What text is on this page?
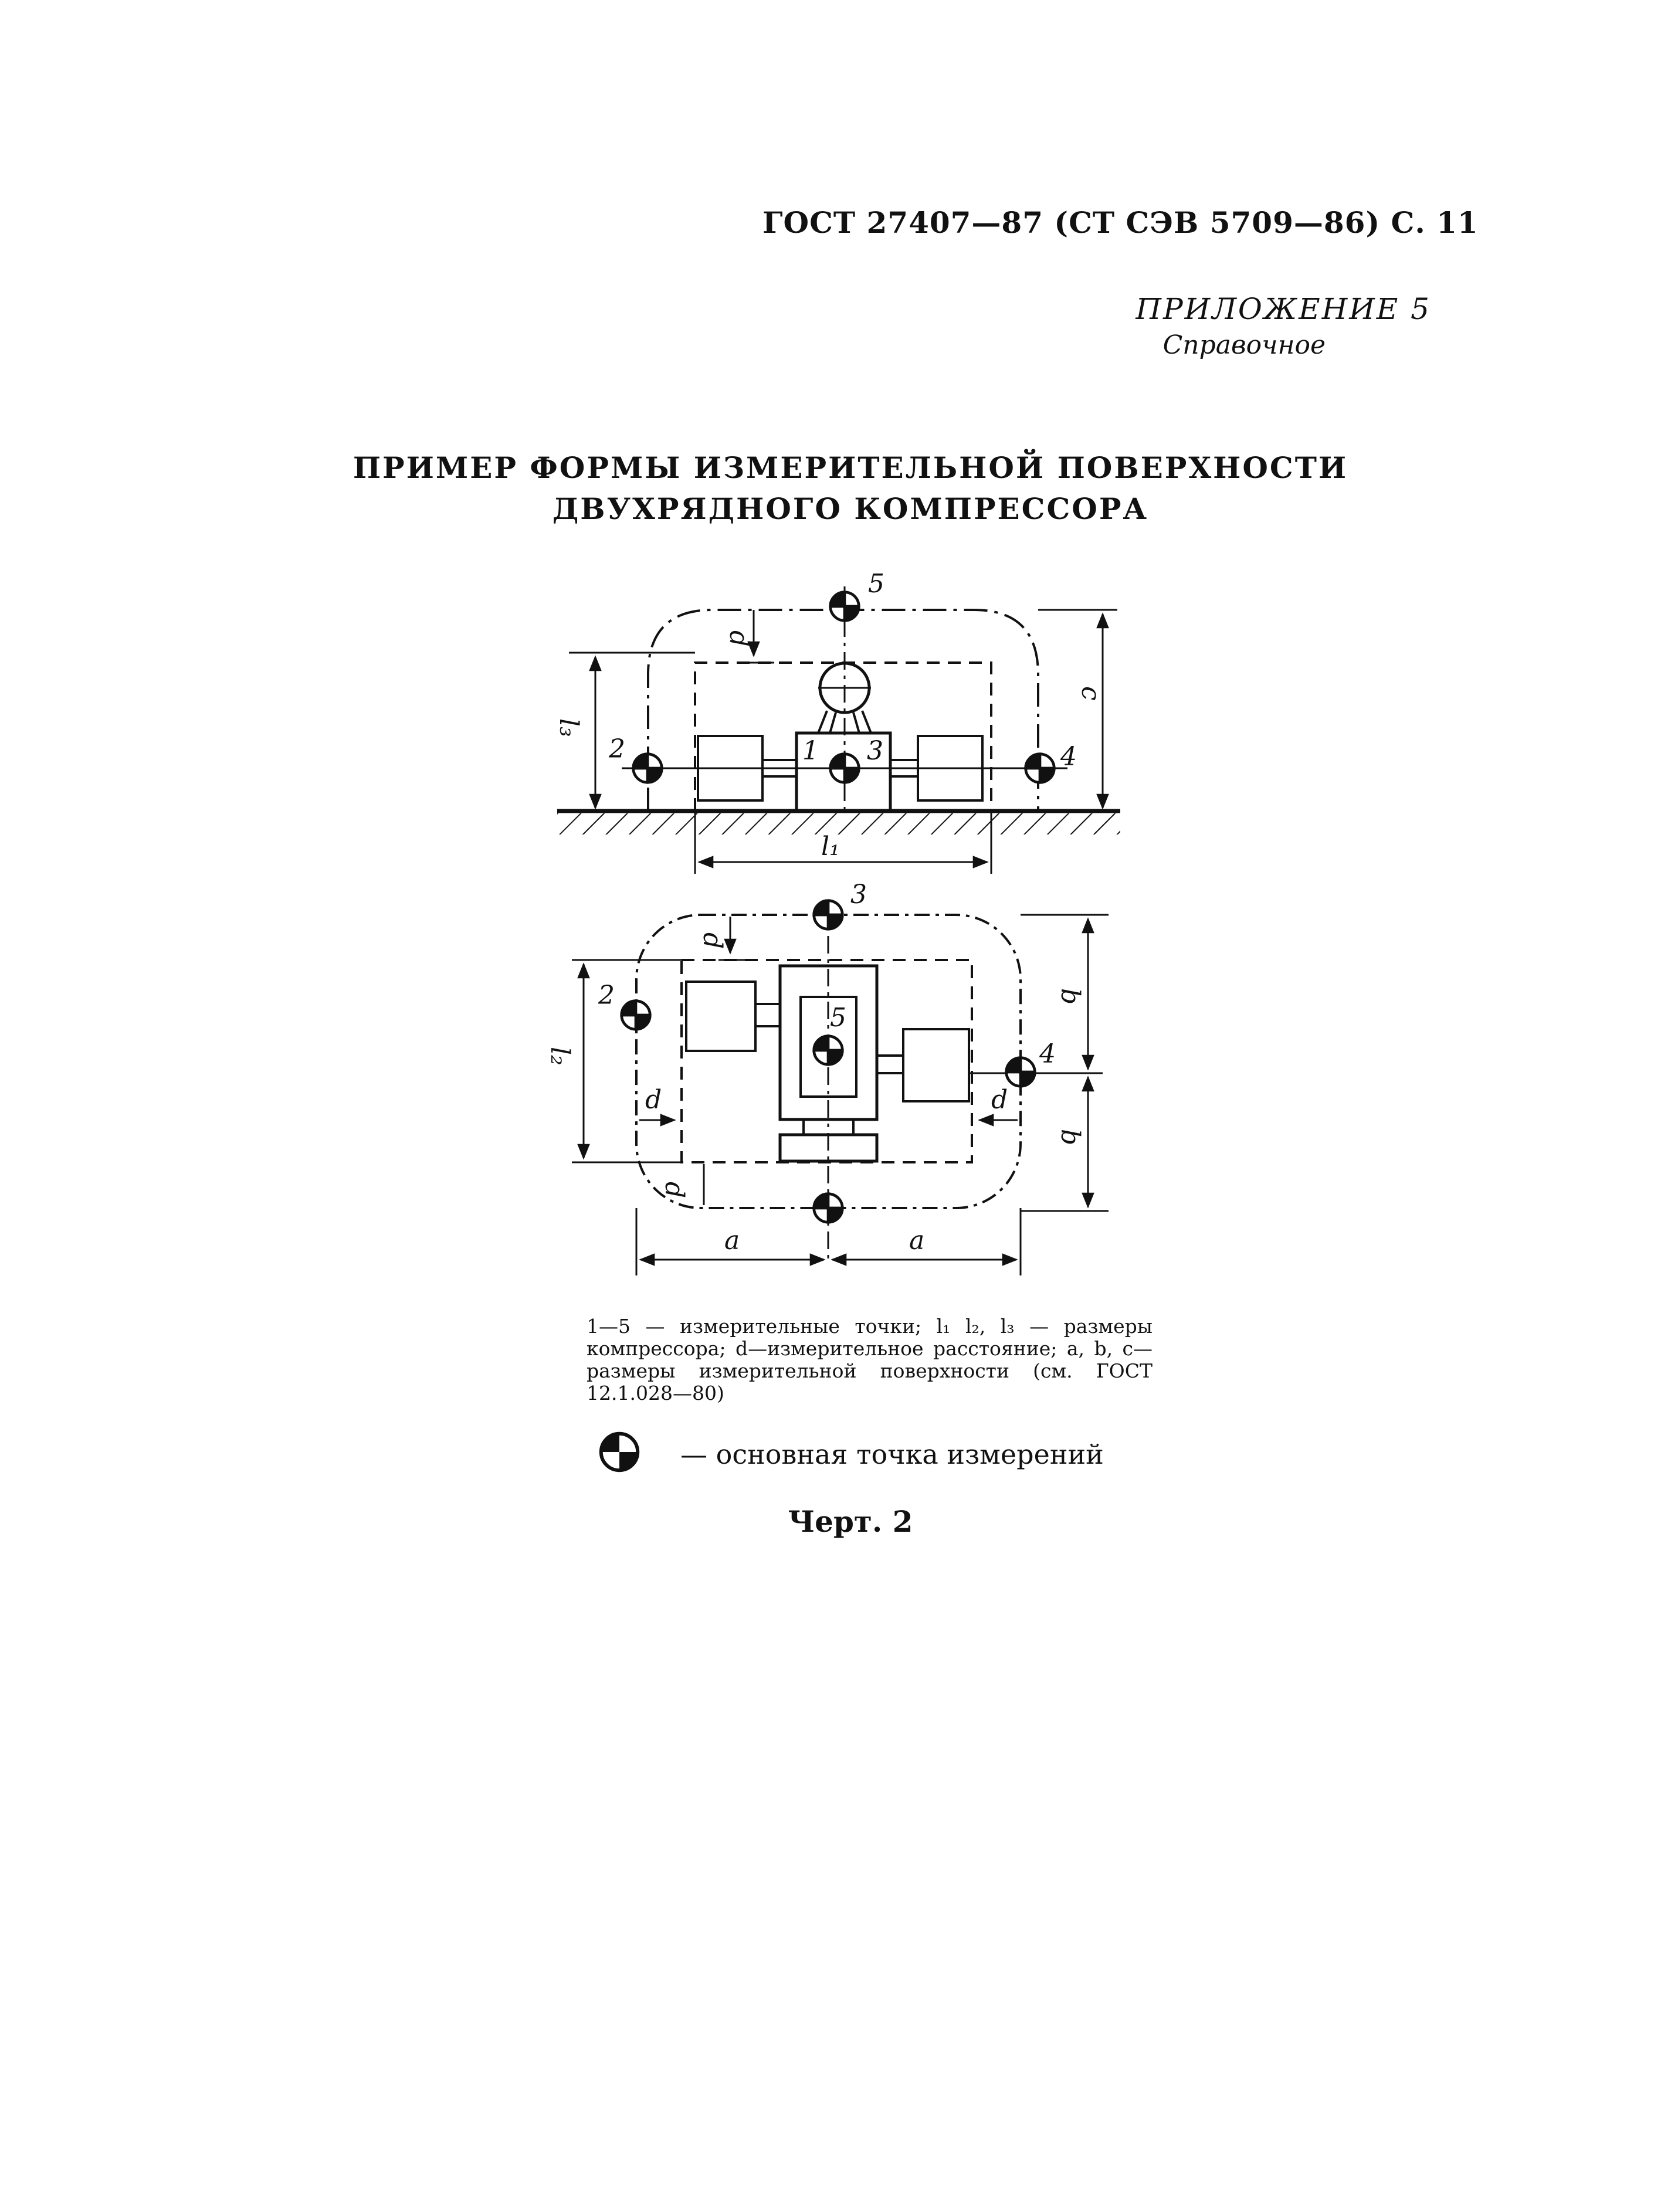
ГОСТ 27407—87 (СТ СЭВ 5709—86) С. 11
ПРИЛОЖЕНИЕ 5
Справочное
ПРИМЕР ФОРМЫ ИЗМЕРИТЕЛЬНОЙ ПОВЕРХНОСТИ
ДВУХРЯДНОГО КОМПРЕССОРА
5
2	1 3	4
d
l₃
c
l₁
3
2
5
4
d
d	d
d
l₂
b
b
a	a
1—5 — измерительные точки; l₁ l₂, l₃ — размеры компрессора; d—измерительное расстояние; a, b, c—размеры измерительной поверхности (см. ГОСТ 12.1.028—80)
— основная точка измерений
Черт. 2
